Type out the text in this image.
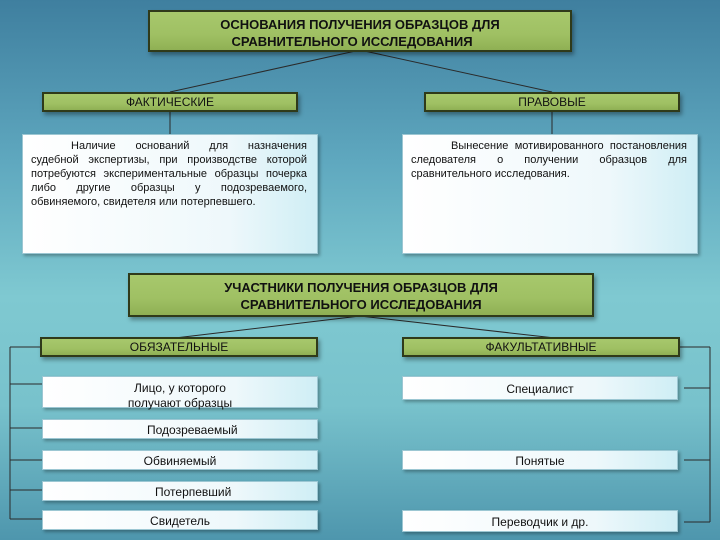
ОСНОВАНИЯ ПОЛУЧЕНИЯ ОБРАЗЦОВ ДЛЯ
СРАВНИТЕЛЬНОГО ИССЛЕДОВАНИЯ
ФАКТИЧЕСКИЕ	ПРАВОВЫЕ
Наличие оснований для назначения судебной экспертизы, при производстве которой потребуются экспериментальные образцы почерка либо другие образцы у подозреваемого, обвиняемого, свидетеля или потерпевшего.
Вынесение мотивированного постановления следователя о получении образцов для сравнительного исследования.
УЧАСТНИКИ ПОЛУЧЕНИЯ ОБРАЗЦОВ ДЛЯ
СРАВНИТЕЛЬНОГО ИССЛЕДОВАНИЯ
ОБЯЗАТЕЛЬНЫЕ	ФАКУЛЬТАТИВНЫЕ
Лицо, у которого получают образцы
Подозреваемый
Обвиняемый
Потерпевший
Свидетель
Специалист
Понятые
Переводчик и др.
